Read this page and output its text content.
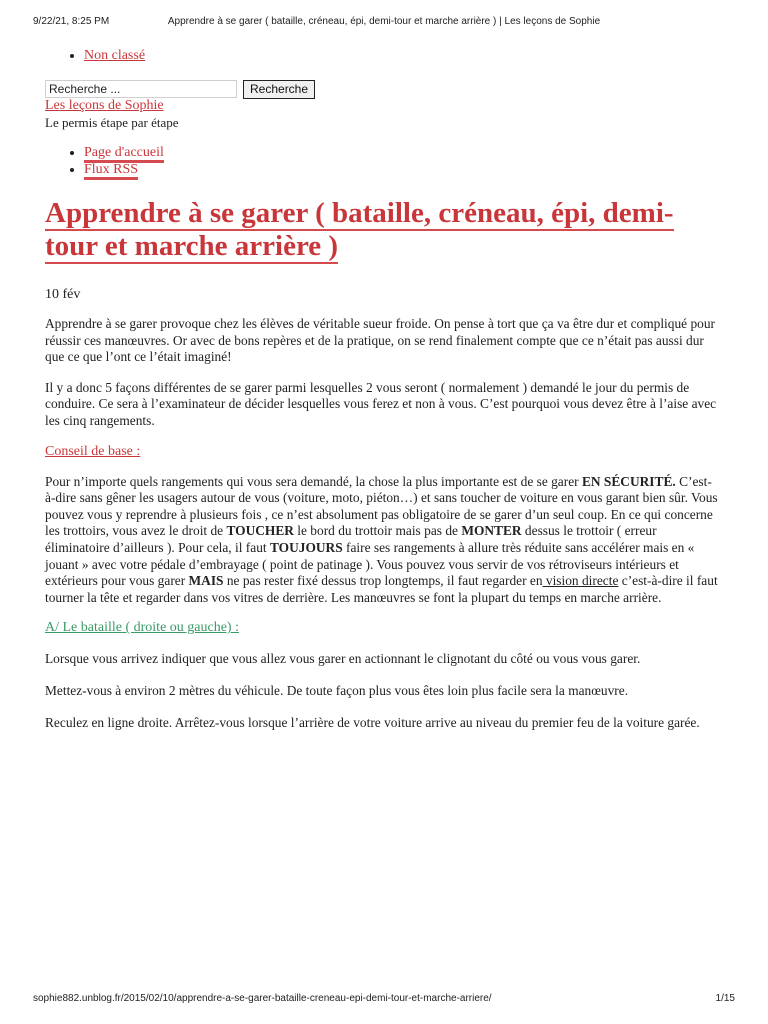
9/22/21, 8:25 PM	Apprendre à se garer ( bataille, créneau, épi, demi-tour et marche arrière ) | Les leçons de Sophie
• Non classé
Recherche ...
Recherche
Les leçons de Sophie
Le permis étape par étape
• Page d'accueil
• Flux RSS
Apprendre à se garer ( bataille, créneau, épi, demi-tour et marche arrière )
10 fév

Apprendre à se garer provoque chez les élèves de véritable sueur froide. On pense à tort que ça va être dur et compliqué pour réussir ces manœuvres. Or avec de bons repères et de la pratique, on se rend finalement compte que ce n’était pas aussi dur que ce que l’ont ce l’était imaginé!

Il y a donc 5 façons différentes de se garer parmi lesquelles 2 vous seront ( normalement ) demandé le jour du permis de conduire. Ce sera à l’examinateur de décider lesquelles vous ferez et non à vous. C’est pourquoi vous devez être à l’aise avec les cinq rangements.

Conseil de base :

Pour n’importe quels rangements qui vous sera demandé, la chose la plus importante est de se garer EN SÉCURITÉ. C’est-à-dire sans gêner les usagers autour de vous (voiture, moto, piéton…) et sans toucher de voiture en vous garant bien sûr. Vous pouvez vous y reprendre à plusieurs fois , ce n’est absolument pas obligatoire de se garer d’un seul coup. En ce qui concerne les trottoirs, vous avez le droit de TOUCHER le bord du trottoir mais pas de MONTER dessus le trottoir ( erreur éliminatoire d’ailleurs ). Pour cela, il faut TOUJOURS faire ses rangements à allure très réduite sans accélérer mais en « jouant » avec votre pédale d’embrayage ( point de patinage ). Vous pouvez vous servir de vos rétroviseurs intérieurs et extérieurs pour vous garer MAIS ne pas rester fixé dessus trop longtemps, il faut regarder en vision directe c’est-à-dire il faut tourner la tête et regarder dans vos vitres de derrière. Les manœuvres se font la plupart du temps en marche arrière.

A/ Le bataille ( droite ou gauche) :

Lorsque vous arrivez indiquer que vous allez vous garer en actionnant le clignotant du côté ou vous vous garer.

Mettez-vous à environ 2 mètres du véhicule. De toute façon plus vous êtes loin plus facile sera la manœuvre.

Reculez en ligne droite. Arrêtez-vous lorsque l’arrière de votre voiture arrive au niveau du premier feu de la voiture garée.

sophie882.unblog.fr/2015/02/10/apprendre-a-se-garer-bataille-creneau-epi-demi-tour-et-marche-arriere/	1/15
